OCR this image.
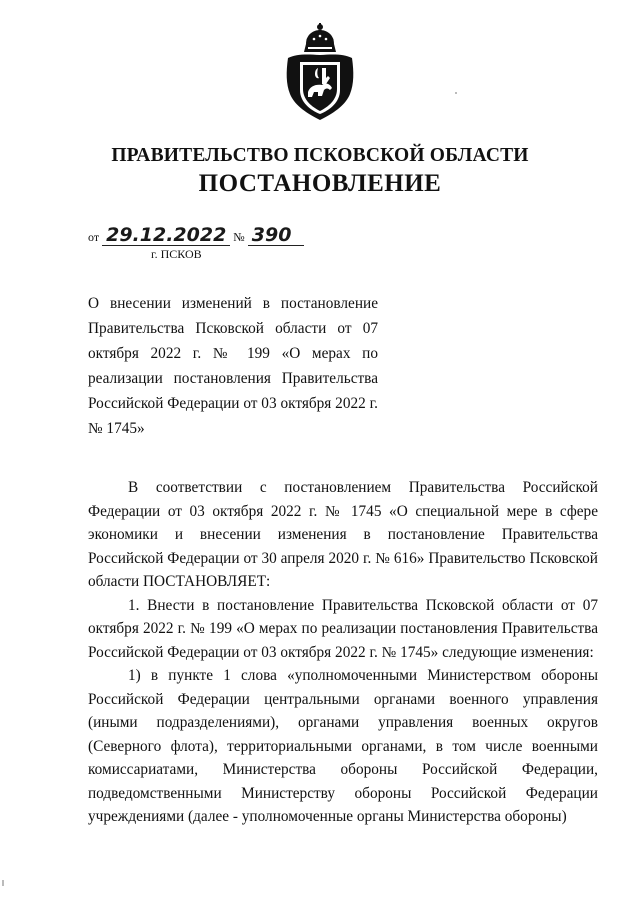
ПРАВИТЕЛЬСТВО ПСКОВСКОЙ ОБЛАСТИ
ПОСТАНОВЛЕНИЕ
от 29.12.2022 № 390
г. ПСКОВ
О внесении изменений в постановление Правительства Псковской области от 07 октября 2022 г. № 199 «О мерах по реализации постановления Правительства Российской Федерации от 03 октября 2022 г. № 1745»

В соответствии с постановлением Правительства Российской Федерации от 03 октября 2022 г. № 1745 «О специальной мере в сфере экономики и внесении изменения в постановление Правительства Российской Федерации от 30 апреля 2020 г. № 616» Правительство Псковской области ПОСТАНОВЛЯЕТ:

1. Внести в постановление Правительства Псковской области от 07 октября 2022 г. № 199 «О мерах по реализации постановления Правительства Российской Федерации от 03 октября 2022 г. № 1745» следующие изменения:

1) в пункте 1 слова «уполномоченными Министерством обороны Российской Федерации центральными органами военного управления (иными подразделениями), органами управления военных округов (Северного флота), территориальными органами, в том числе военными комиссариатами, Министерства обороны Российской Федерации, подведомственными Министерству обороны Российской Федерации учреждениями (далее - уполномоченные органы Министерства обороны)
